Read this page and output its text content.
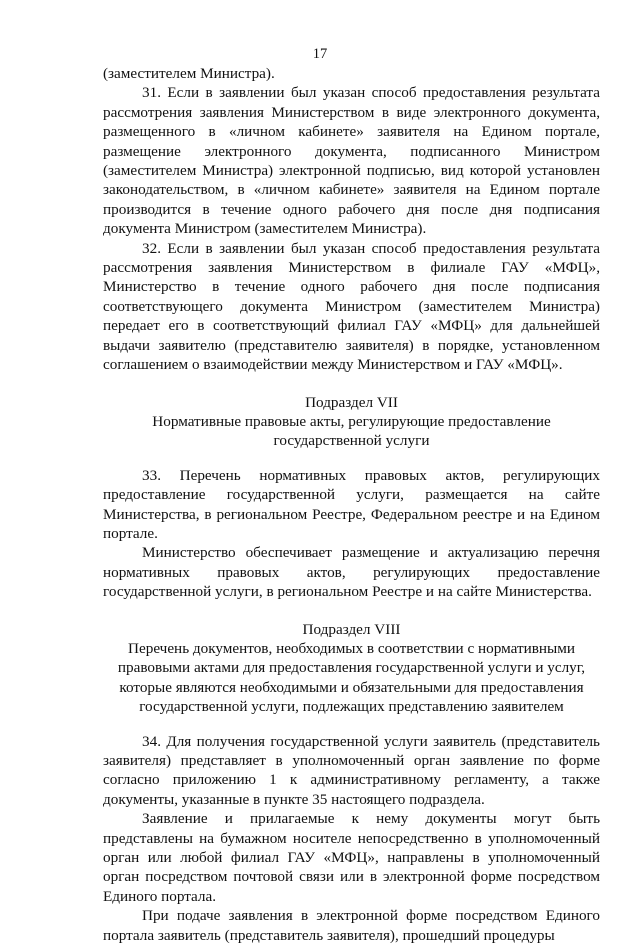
17

(заместителем Министра).

31. Если в заявлении был указан способ предоставления результата рассмотрения заявления Министерством в виде электронного документа, размещенного в «личном кабинете» заявителя на Едином портале, размещение электронного документа, подписанного Министром (заместителем Министра) электронной подписью, вид которой установлен законодательством, в «личном кабинете» заявителя на Едином портале производится в течение одного рабочего дня после дня подписания документа Министром (заместителем Министра).

32. Если в заявлении был указан способ предоставления результата рассмотрения заявления Министерством в филиале ГАУ «МФЦ», Министерство в течение одного рабочего дня после подписания соответствующего документа Министром (заместителем Министра) передает его в соответствующий филиал ГАУ «МФЦ» для дальнейшей выдачи заявителю (представителю заявителя) в порядке, установленном соглашением о взаимодействии между Министерством и ГАУ «МФЦ».

Подраздел VII

Нормативные правовые акты, регулирующие предоставление

государственной услуги

33. Перечень нормативных правовых актов, регулирующих предоставление государственной услуги, размещается на сайте Министерства, в региональном Реестре, Федеральном реестре и на Едином портале.

Министерство обеспечивает размещение и актуализацию перечня нормативных правовых актов, регулирующих предоставление государственной услуги, в региональном Реестре и на сайте Министерства.

Подраздел VIII

Перечень документов, необходимых в соответствии с нормативными

правовыми актами для предоставления государственной услуги и услуг,

которые являются необходимыми и обязательными для предоставления

государственной услуги, подлежащих представлению заявителем

34. Для получения государственной услуги заявитель (представитель заявителя) представляет в уполномоченный орган заявление по форме согласно приложению 1 к административному регламенту, а также документы, указанные в пункте 35 настоящего подраздела.

Заявление и прилагаемые к нему документы могут быть представлены на бумажном носителе непосредственно в уполномоченный орган или любой филиал ГАУ «МФЦ», направлены в уполномоченный орган посредством почтовой связи или в электронной форме посредством Единого портала.

При подаче заявления в электронной форме посредством Единого портала заявитель (представитель заявителя), прошедший процедуры
